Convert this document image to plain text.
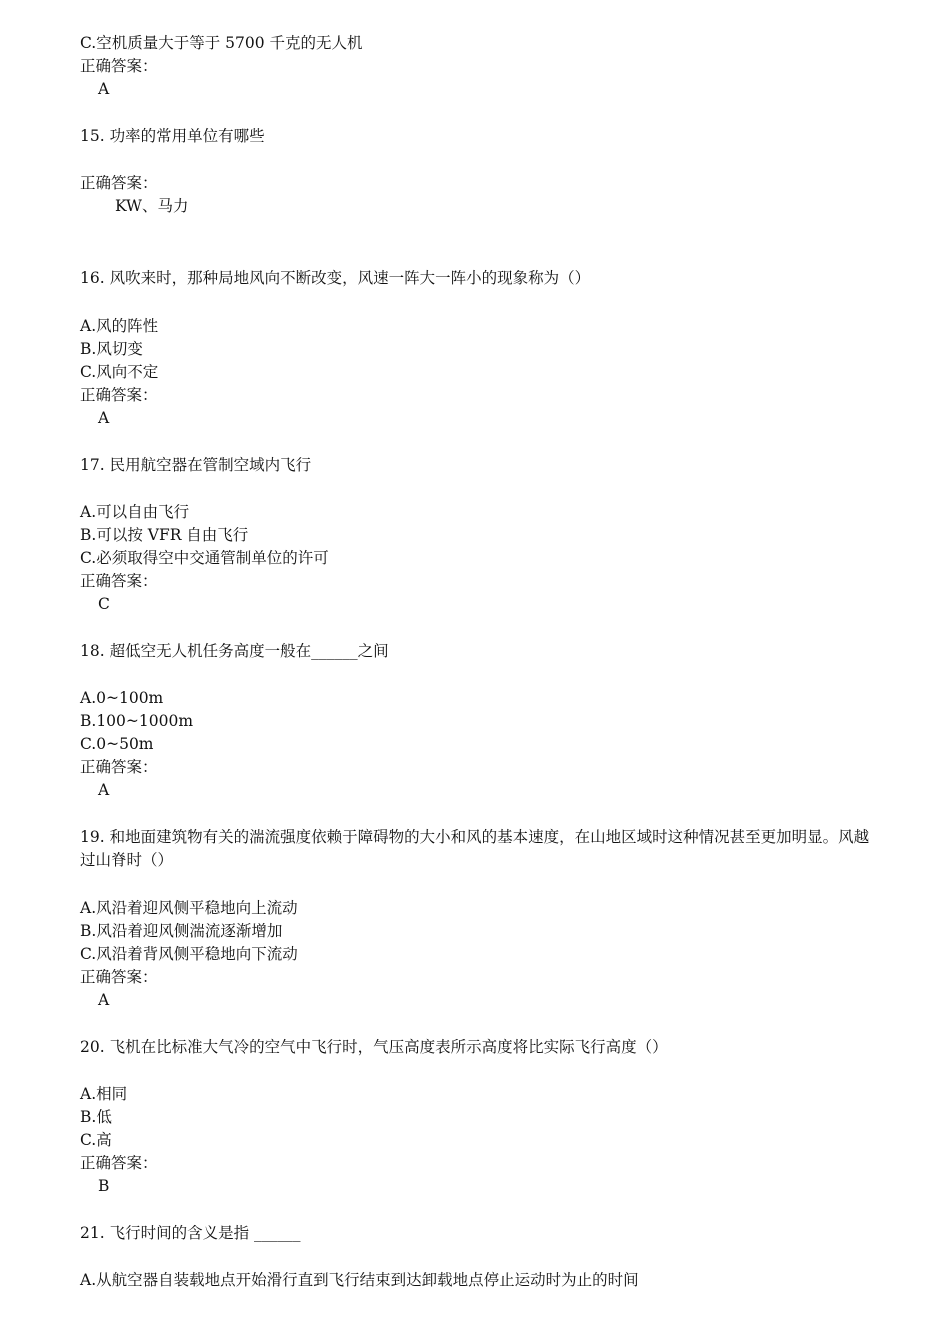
C.空机质量大于等于 5700 千克的无人机
正确答案：
A
15. 功率的常用单位有哪些
正确答案：
KW、马力
16. 风吹来时，那种局地风向不断改变，风速一阵大一阵小的现象称为（）
A.风的阵性
B.风切变
C.风向不定
正确答案：
A
17. 民用航空器在管制空域内飞行
A.可以自由飞行
B.可以按 VFR 自由飞行
C.必须取得空中交通管制单位的许可
正确答案：
C
18. 超低空无人机任务高度一般在______之间
A.0~100m
B.100~1000m
C.0~50m
正确答案：
A
19. 和地面建筑物有关的湍流强度依赖于障碍物的大小和风的基本速度，在山地区域时这种情况甚至更加明显。风越过山脊时（）
A.风沿着迎风侧平稳地向上流动
B.风沿着迎风侧湍流逐渐增加
C.风沿着背风侧平稳地向下流动
正确答案：
A
20. 飞机在比标准大气冷的空气中飞行时，气压高度表所示高度将比实际飞行高度（）
A.相同
B.低
C.高
正确答案：
B
21. 飞行时间的含义是指 ______
A.从航空器自装载地点开始滑行直到飞行结束到达卸载地点停止运动时为止的时间
